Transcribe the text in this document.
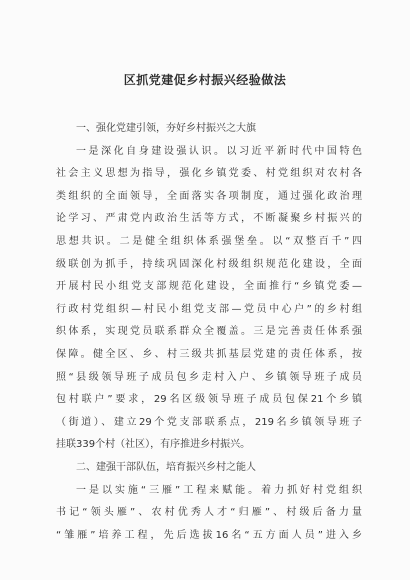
区抓党建促乡村振兴经验做法

一、强化党建引领，夯好乡村振兴之大旗

一是深化自身建设强认识。以习近平新时代中国特色

社会主义思想为指导，强化乡镇党委、村党组织对农村各

类组织的全面领导，全面落实各项制度，通过强化政治理

论学习、严肃党内政治生活等方式，不断凝聚乡村振兴的

思想共识。二是健全组织体系强堡垒。以“双整百千”四

级联创为抓手，持续巩固深化村级组织规范化建设，全面

开展村民小组党支部规范化建设，全面推行“乡镇党委—

行政村党组织—村民小组党支部—党员中心户”的乡村组

织体系，实现党员联系群众全覆盖。三是完善责任体系强

保障。健全区、乡、村三级共抓基层党建的责任体系，按

照“县级领导班子成员包乡走村入户、乡镇领导班子成员

包村联户”要求，29名区级领导班子成员包保21个乡镇

（街道）、建立29个党支部联系点，219名乡镇领导班子

挂联339个村（社区），有序推进乡村振兴。

二、建强干部队伍，培育振兴乡村之能人

一是以实施“三雁”工程来赋能。着力抓好村党组织

书记“领头雁”、农村优秀人才“归雁”、村级后备力量

“雏雁”培养工程，先后选拔16名“五方面人员”进入乡
